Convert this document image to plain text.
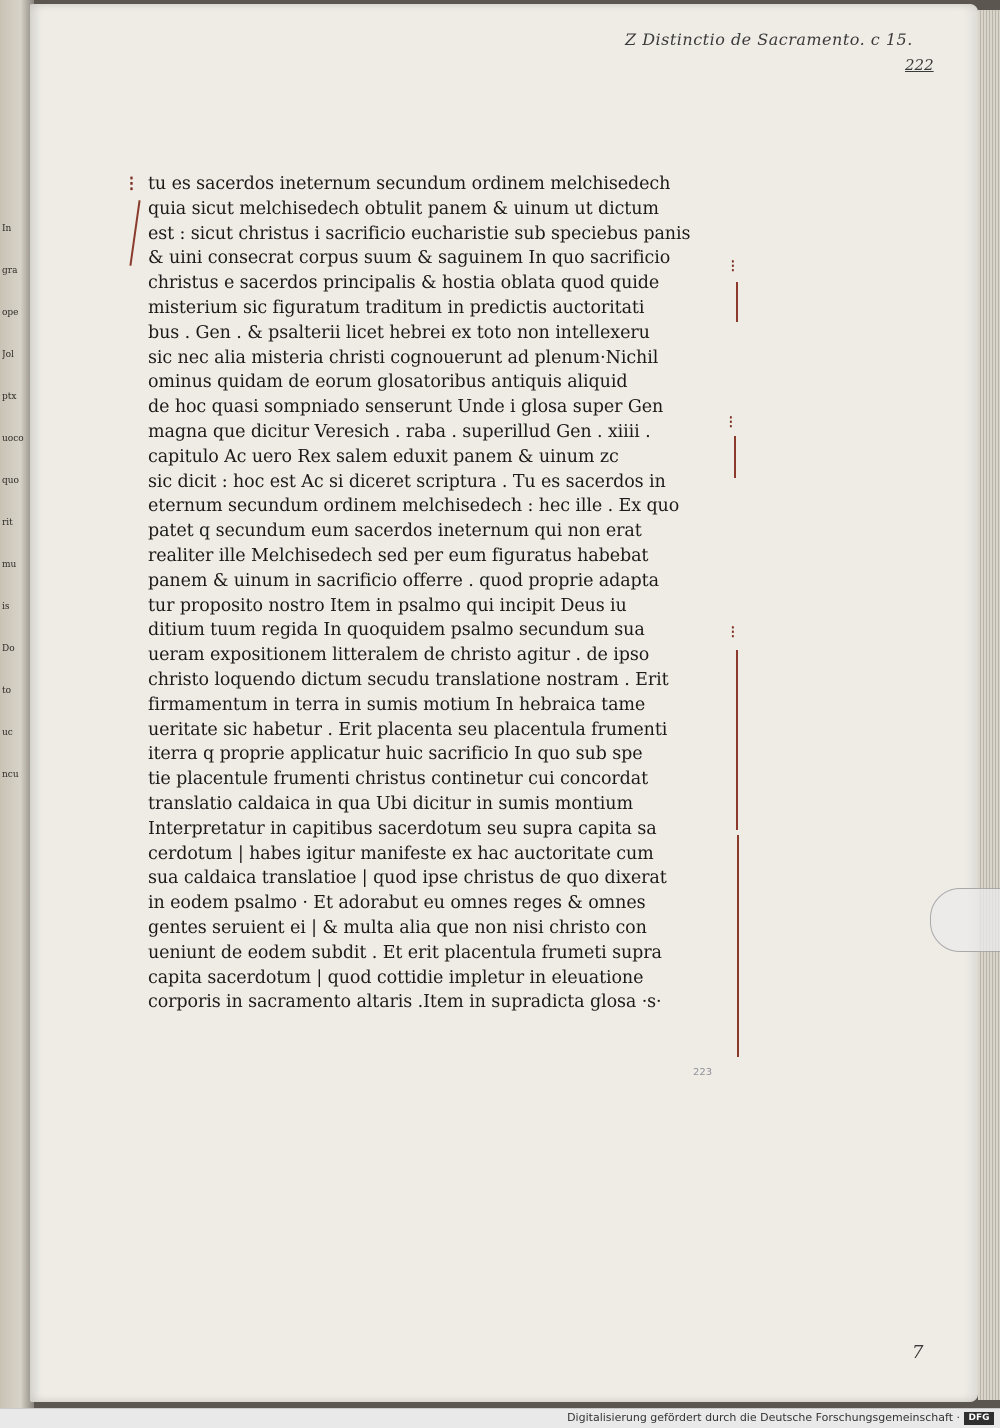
In
gra
ope
Jol
ptx
uoco
quo
rit
mu
is
Do
to
uc
ncu
Z Distinctio de Sacramento. c 15.
222
223
7
⁝
⁝
⁝
⁝
tu es sacerdos ineternum secundum ordinem melchisedech
quia sicut melchisedech obtulit panem & uinum ut dictum
est : sicut christus i sacrificio eucharistie sub speciebus panis
& uini consecrat corpus suum & saguinem In quo sacrificio
christus e sacerdos principalis & hostia oblata quod quide
misterium sic figuratum traditum in predictis auctoritati
bus . Gen . & psalterii licet hebrei ex toto non intellexeru
sic nec alia misteria christi cognouerunt ad plenum·Nichil
ominus quidam de eorum glosatoribus antiquis aliquid
de hoc quasi sompniado senserunt Unde i glosa super Gen
magna que dicitur Veresich . raba . superillud Gen . xiiii .
capitulo Ac uero Rex salem eduxit panem & uinum zc
sic dicit : hoc est Ac si diceret scriptura . Tu es sacerdos in
eternum secundum ordinem melchisedech : hec ille . Ex quo
patet q secundum eum sacerdos ineternum qui non erat
realiter ille Melchisedech sed per eum figuratus habebat
panem & uinum in sacrificio offerre . quod proprie adapta
tur proposito nostro Item in psalmo qui incipit Deus iu
ditium tuum regida In quoquidem psalmo secundum sua
ueram expositionem litteralem de christo agitur . de ipso
christo loquendo dictum secudu translatione nostram . Erit
firmamentum in terra in sumis motium In hebraica tame
ueritate sic habetur . Erit placenta seu placentula frumenti
iterra q proprie applicatur huic sacrificio In quo sub spe
tie placentule frumenti christus continetur cui concordat
translatio caldaica in qua Ubi dicitur in sumis montium
Interpretatur in capitibus sacerdotum seu supra capita sa
cerdotum | habes igitur manifeste ex hac auctoritate cum
sua caldaica translatioe | quod ipse christus de quo dixerat
in eodem psalmo · Et adorabut eu omnes reges & omnes
gentes seruient ei | & multa alia que non nisi christo con
ueniunt de eodem subdit . Et erit placentula frumeti supra
capita sacerdotum | quod cottidie impletur in eleuatione
corporis in sacramento altaris .Item in supradicta glosa ·s·
Digitalisierung gefördert durch die Deutsche Forschungsgemeinschaft · DFG
